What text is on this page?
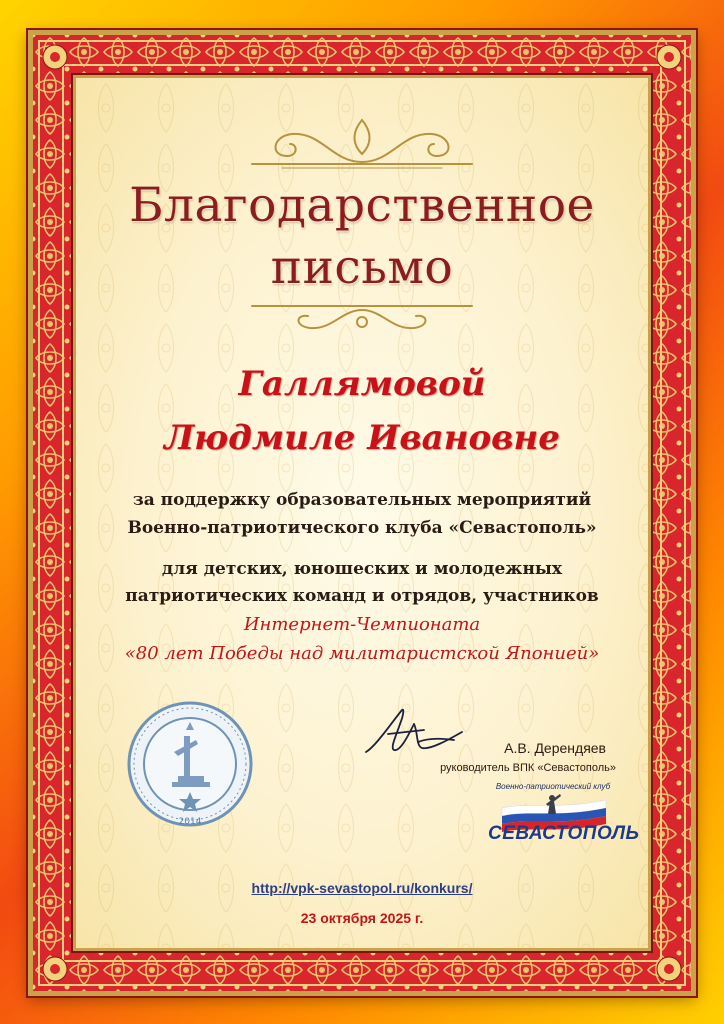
Благодарственное
письмо
Галлямовой
Людмиле Ивановне
за поддержку образовательных мероприятий
Военно-патриотического клуба «Севастополь»
для детских, юношеских и молодежных
патриотических команд и отрядов, участников
Интернет-Чемпионата
«80 лет Победы над милитаристской Японией»
2014
А.В. Дерендяев
руководитель ВПК «Севастополь»
Военно-патриотический клуб
СЕВАСТОПОЛЬ
http://vpk-sevastopol.ru/konkurs/
23 октября 2025 г.
